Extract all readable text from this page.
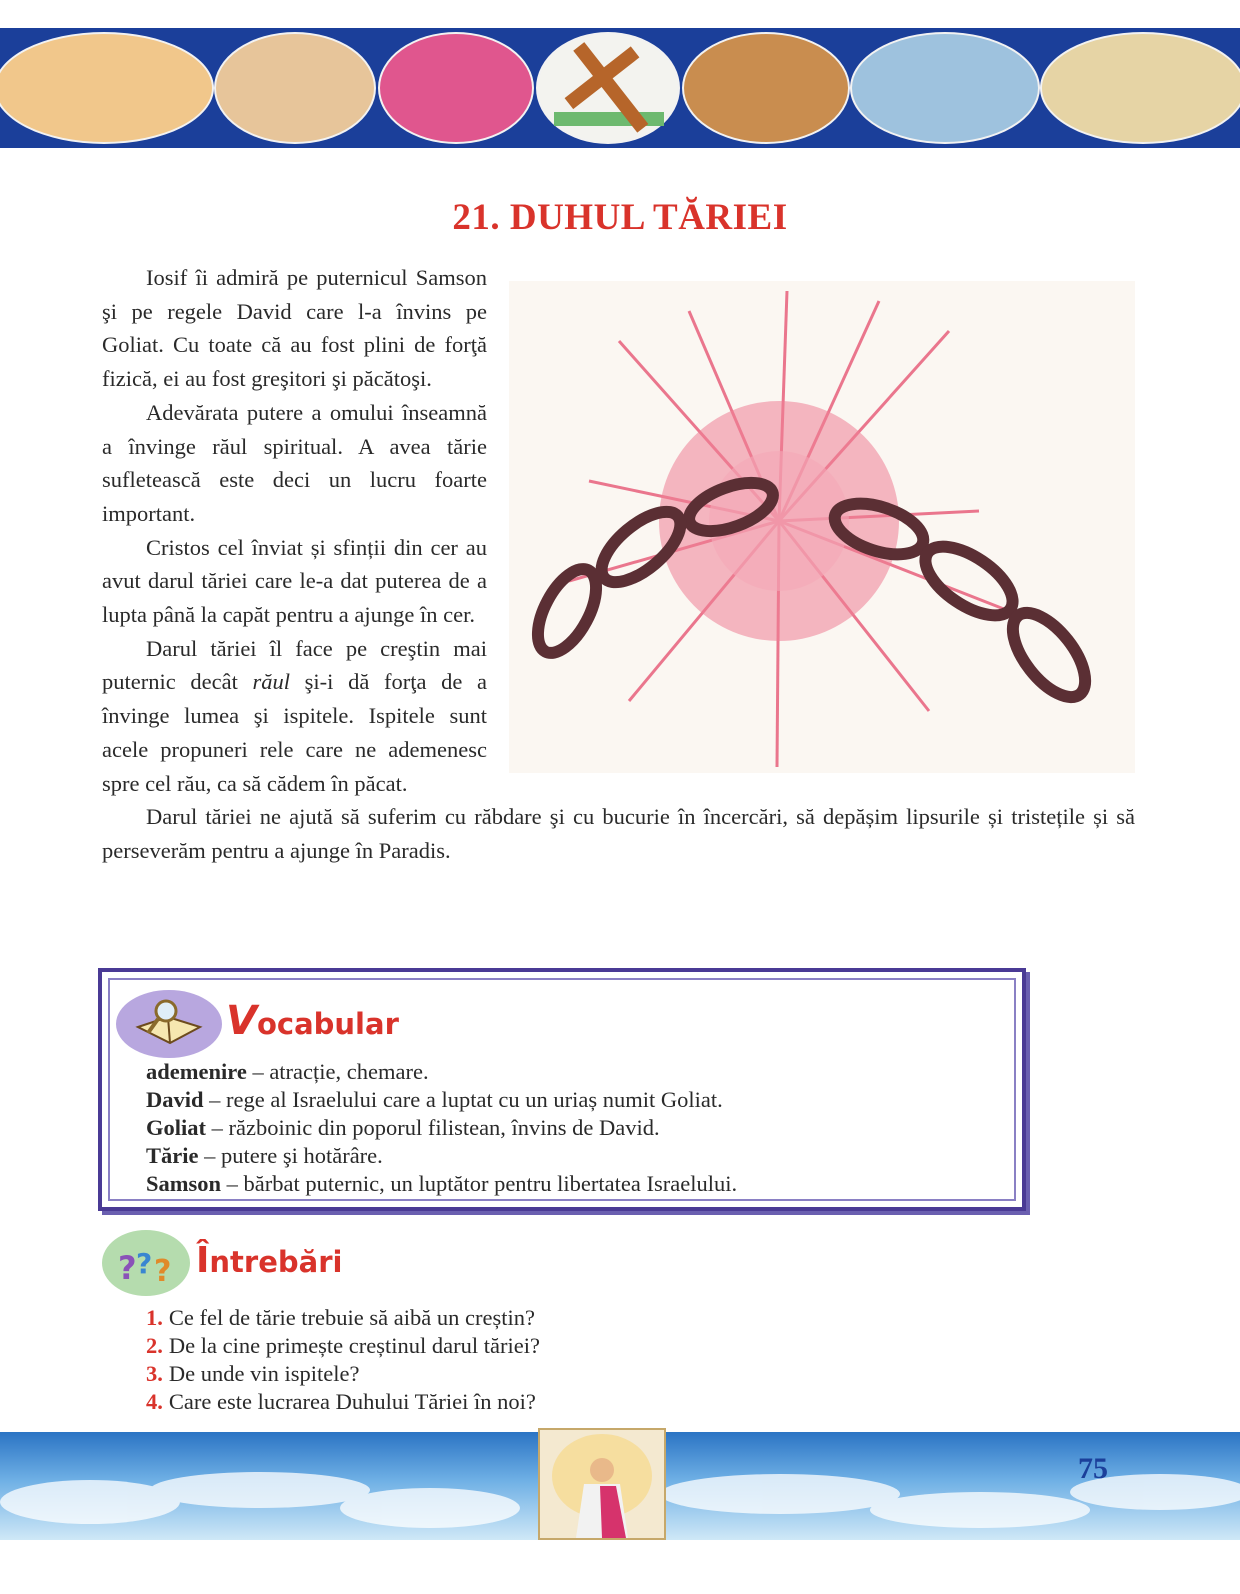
21. DUHUL TĂRIEI

Iosif îi admiră pe puternicul Samson şi pe regele David care l-a învins pe Goliat. Cu toate că au fost plini de forţă fizică, ei au fost greşitori şi păcătoşi.

Adevărata putere a omului înseamnă a învinge răul spiritual. A avea tărie sufletească este deci un lucru foarte important.

Cristos cel înviat și sfinții din cer au avut darul tăriei care le-a dat puterea de a lupta până la capăt pentru a ajunge în cer.

Darul tăriei îl face pe creştin mai puternic decât răul şi-i dă forţa de a învinge lumea şi ispitele. Ispitele sunt acele propuneri rele care ne ademenesc spre cel rău, ca să cădem în păcat.

Darul tăriei ne ajută să suferim cu răbdare şi cu bucurie în încercări, să depășim lipsurile și tristețile și să perseverăm pentru a ajunge în Paradis.

Vocabular
ademenire – atracție, chemare.
David – rege al Israelului care a luptat cu un uriaș numit Goliat.
Goliat – războinic din poporul filistean, învins de David.
Tărie – putere şi hotărâre.
Samson – bărbat puternic, un luptător pentru libertatea Israelului.
? ? ? Întrebări
1. Ce fel de tărie trebuie să aibă un creștin?
2. De la cine primește creștinul darul tăriei?
3. De unde vin ispitele?
4. Care este lucrarea Duhului Tăriei în noi?
75
